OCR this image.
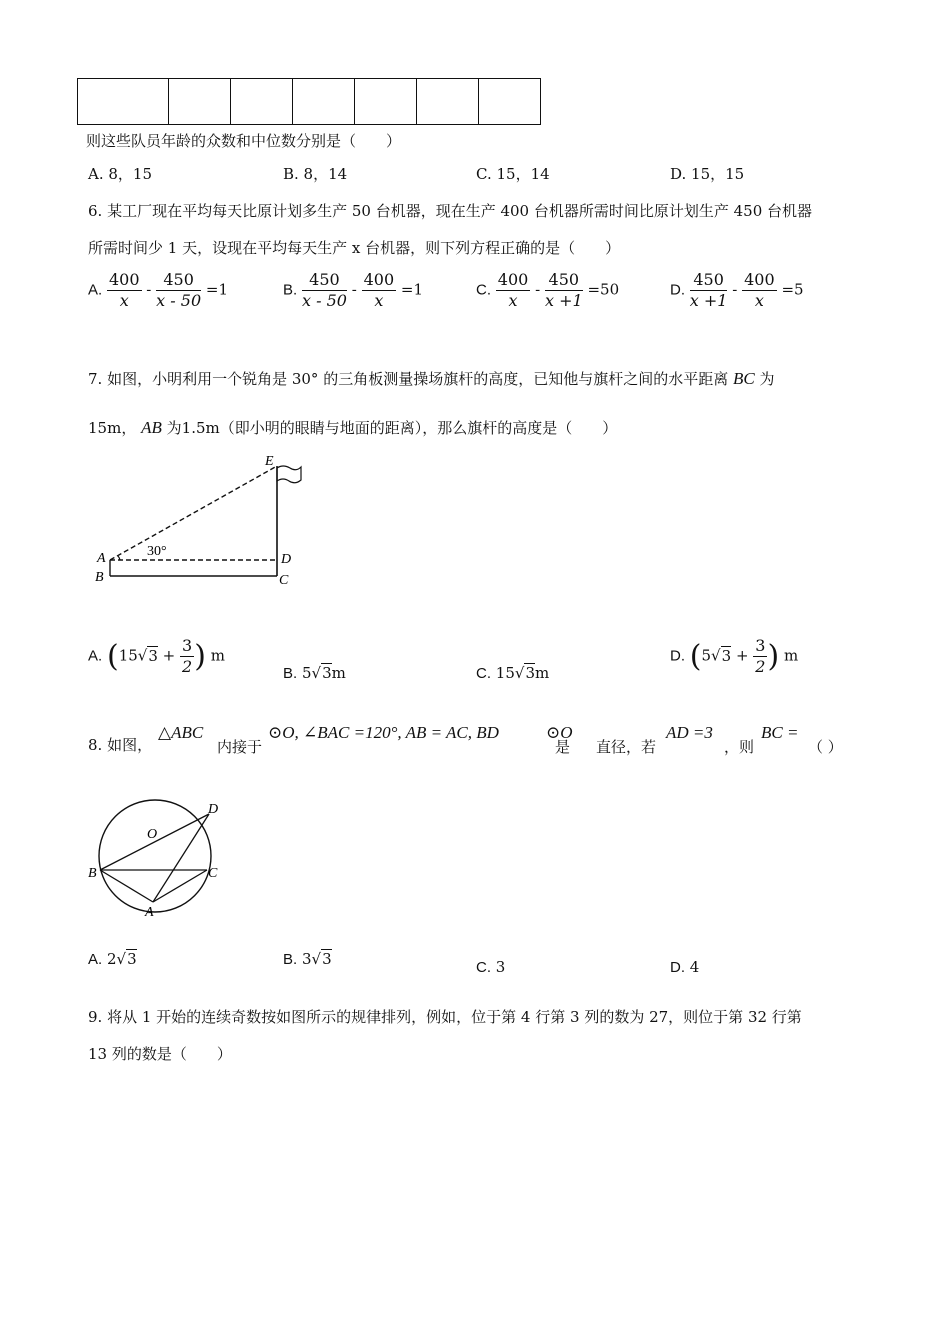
则这些队员年龄的众数和中位数分别是（　　）
A. 8，15	B. 8，14	C. 15，14	D. 15，15
6. 某工厂现在平均每天比原计划多生产 50 台机器，现在生产 400 台机器所需时间比原计划生产 450 台机器
所需时间少 1 天，设现在平均每天生产 x 台机器，则下列方程正确的是（　　）
A. $\frac{400}{x} - \frac{450}{x - 50} =1$	B. $\frac{450}{x - 50} - \frac{400}{x} =1$	C. $\frac{400}{x} - \frac{450}{x +1} =50$	D. $\frac{450}{x +1} - \frac{400}{x} =5$
7. 如图，小明利用一个锐角是 30° 的三角板测量操场旗杆的高度，已知他与旗杆之间的水平距离 BC 为
15m， AB 为1.5m（即小明的眼睛与地面的距离），那么旗杆的高度是（　　）
30°
E
A
B
D
C
A. ($15√3 + \frac{3}{2}$ ) m
B. 5√3m	C. 15√3m
D. ($5√3 + \frac{3}{2}$ ) m
8. 如图，
△ABC
内接于
⊙O, ∠BAC =120°, AB = AC, BD
是
⊙O
直径，若
AD =3
，则
BC =
（ ）
O
D
B	C
A
A. 2√3	B. 3√3	C. 3	D. 4
9. 将从 1 开始的连续奇数按如图所示的规律排列，例如，位于第 4 行第 3 列的数为 27，则位于第 32 行第
13 列的数是（　　）
